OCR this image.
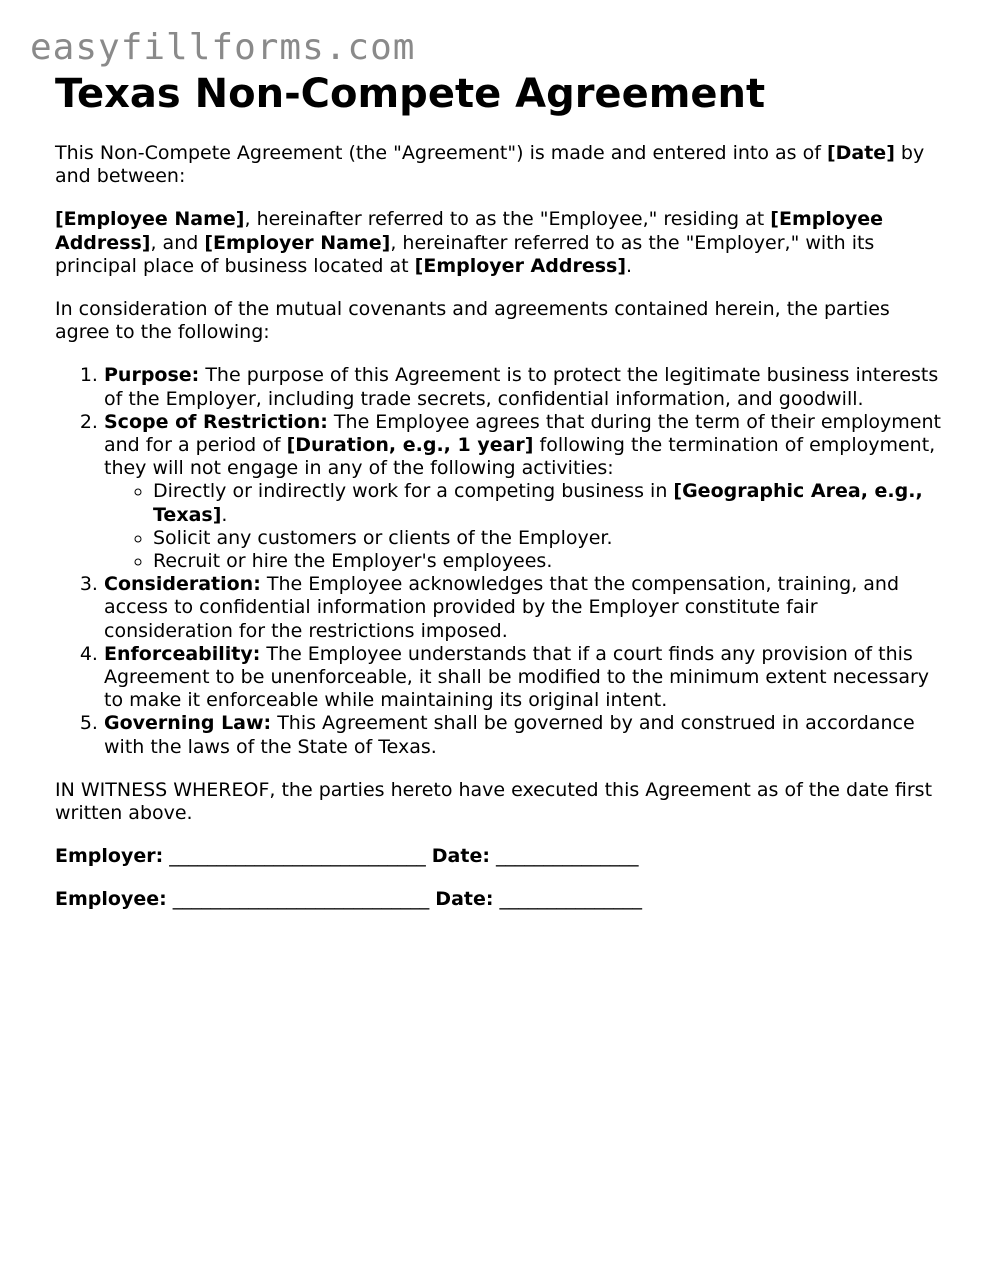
easyfillforms.com
Texas Non-Compete Agreement

This Non-Compete Agreement (the "Agreement") is made and entered into as of [Date] by and between:

[Employee Name], hereinafter referred to as the "Employee," residing at [Employee Address], and [Employer Name], hereinafter referred to as the "Employer," with its principal place of business located at [Employer Address].

In consideration of the mutual covenants and agreements contained herein, the parties agree to the following:

1. Purpose: The purpose of this Agreement is to protect the legitimate business interests of the Employer, including trade secrets, confidential information, and goodwill.
2. Scope of Restriction: The Employee agrees that during the term of their employment and for a period of [Duration, e.g., 1 year] following the termination of employment, they will not engage in any of the following activities:
◦ Directly or indirectly work for a competing business in [Geographic Area, e.g., Texas].
◦ Solicit any customers or clients of the Employer.
◦ Recruit or hire the Employer's employees.
3. Consideration: The Employee acknowledges that the compensation, training, and access to confidential information provided by the Employer constitute fair consideration for the restrictions imposed.
4. Enforceability: The Employee understands that if a court finds any provision of this Agreement to be unenforceable, it shall be modified to the minimum extent necessary to make it enforceable while maintaining its original intent.
5. Governing Law: This Agreement shall be governed by and construed in accordance with the laws of the State of Texas.

IN WITNESS WHEREOF, the parties hereto have executed this Agreement as of the date first written above.

Employer: ___________________________ Date: _______________

Employee: ___________________________ Date: _______________
